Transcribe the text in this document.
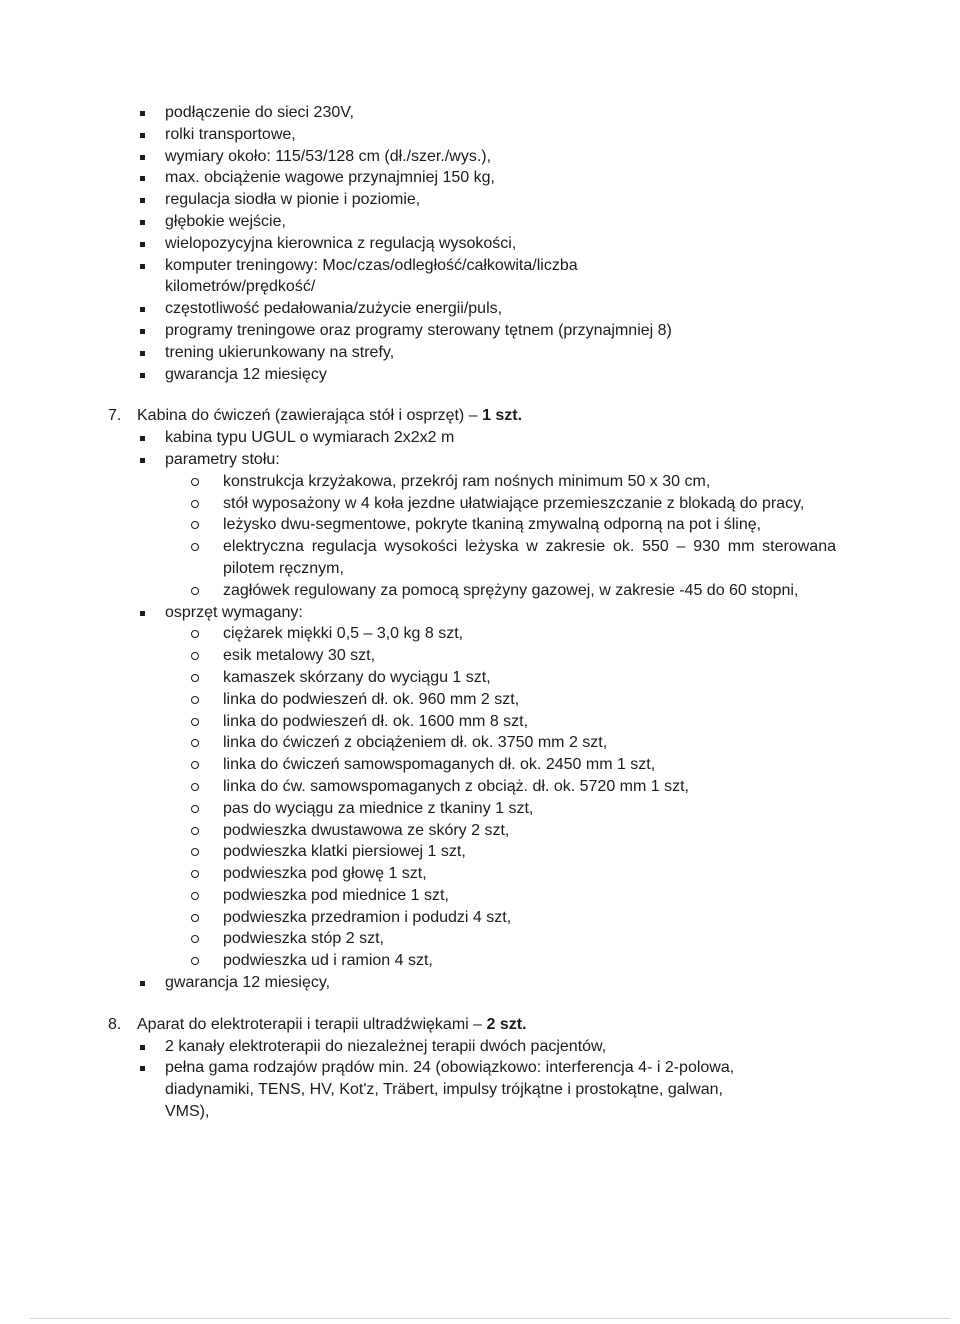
podłączenie do sieci 230V,
rolki transportowe,
wymiary około: 115/53/128 cm (dł./szer./wys.),
max. obciążenie wagowe przynajmniej 150 kg,
regulacja siodła w pionie i poziomie,
głębokie wejście,
wielopozycyjna kierownica z regulacją wysokości,
komputer treningowy: Moc/czas/odległość/całkowita/liczba kilometrów/prędkość/
częstotliwość pedałowania/zużycie energii/puls,
programy treningowe oraz programy sterowany tętnem (przynajmniej 8)
trening ukierunkowany na strefy,
gwarancja 12 miesięcy
7. Kabina do ćwiczeń (zawierająca stół i osprzęt) – 1 szt.
kabina typu UGUL o wymiarach 2x2x2 m
parametry stołu:
konstrukcja krzyżakowa, przekrój ram nośnych minimum 50 x 30 cm,
stół wyposażony w 4 koła jezdne ułatwiające przemieszczanie z blokadą do pracy,
leżysko dwu-segmentowe, pokryte tkaniną zmywalną odporną na pot i ślinę,
elektryczna regulacja wysokości leżyska w zakresie ok. 550 – 930 mm sterowana pilotem ręcznym,
zagłówek regulowany za pomocą sprężyny gazowej, w zakresie -45 do 60 stopni,
osprzęt wymagany:
ciężarek miękki 0,5 – 3,0 kg 8 szt,
esik metalowy 30 szt,
kamaszek skórzany do wyciągu 1 szt,
linka do podwieszeń dł. ok. 960 mm 2 szt,
linka do podwieszeń dł. ok. 1600 mm 8 szt,
linka do ćwiczeń z obciążeniem dł. ok. 3750 mm 2 szt,
linka do ćwiczeń samowspomaganych dł. ok. 2450 mm 1 szt,
linka do ćw. samowspomaganych z obciąż. dł. ok. 5720 mm 1 szt,
pas do wyciągu za miednice z tkaniny 1 szt,
podwieszka dwustawowa ze skóry 2 szt,
podwieszka klatki piersiowej 1 szt,
podwieszka pod głowę 1 szt,
podwieszka pod miednice 1 szt,
podwieszka przedramion i podudzi 4 szt,
podwieszka stóp 2 szt,
podwieszka ud i ramion 4 szt,
gwarancja 12 miesięcy,
8. Aparat do elektroterapii i terapii ultradźwiękami – 2 szt.
2 kanały elektroterapii do niezależnej terapii dwóch pacjentów,
pełna gama rodzajów prądów min. 24 (obowiązkowo: interferencja 4- i 2-polowa, diadynamiki, TENS, HV, Kot'z, Träbert, impulsy trójkątne i prostokątne, galwan, VMS),
